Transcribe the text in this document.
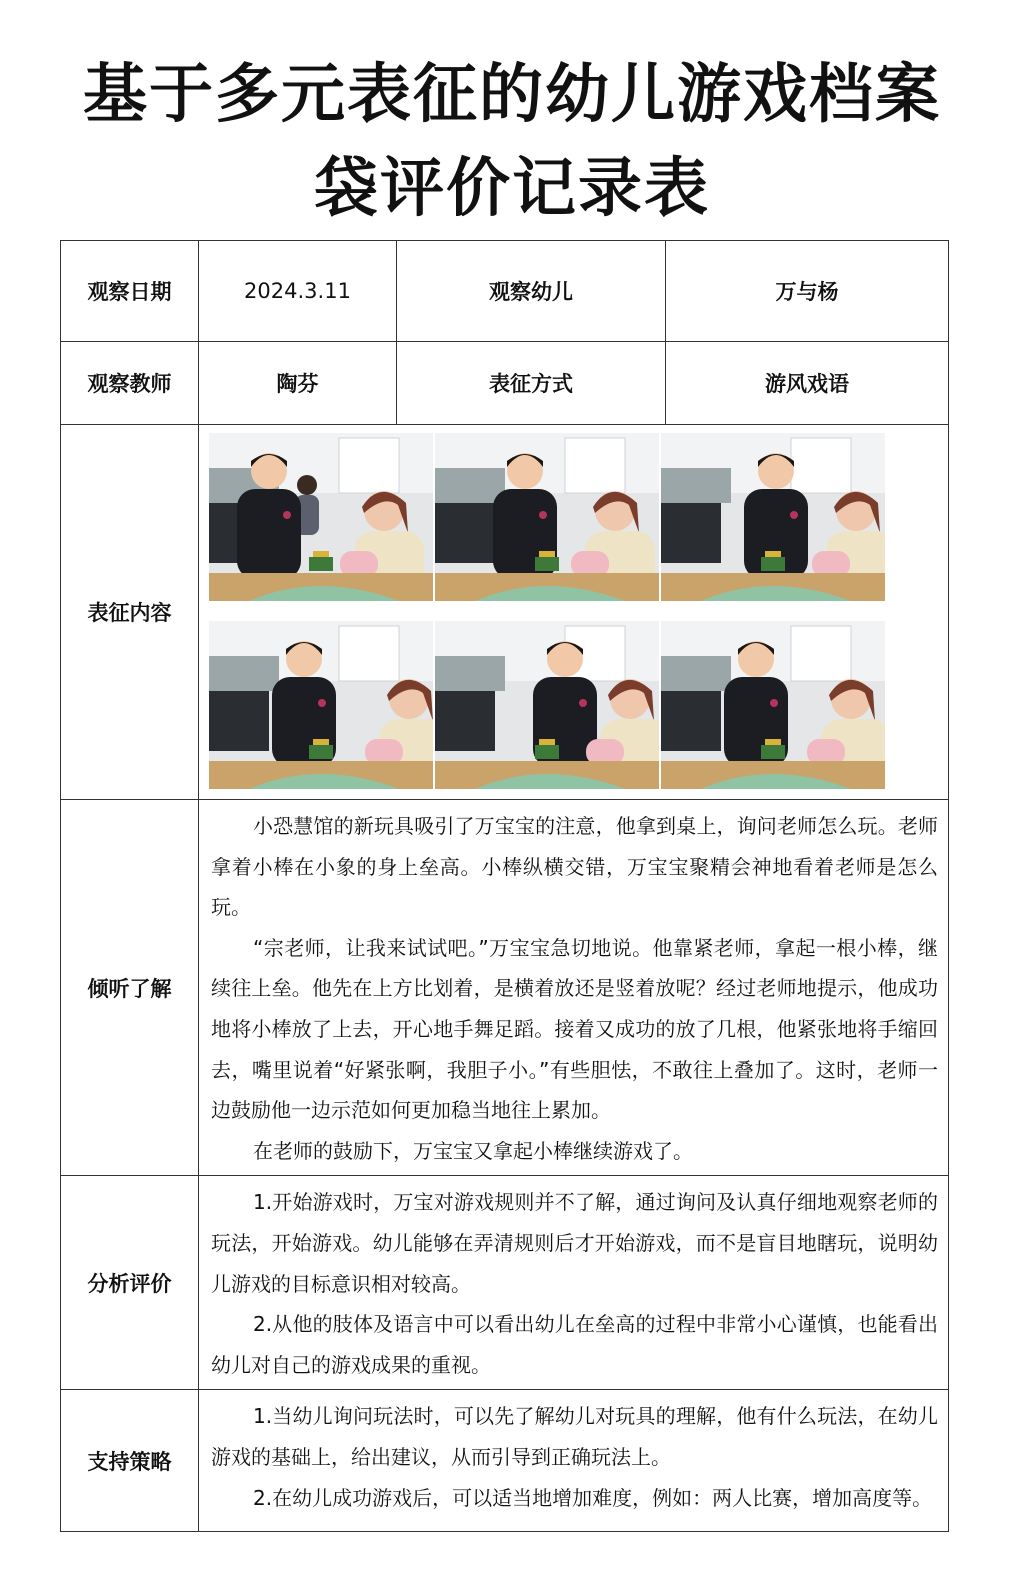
基于多元表征的幼儿游戏档案
袋评价记录表
观察日期	2024.3.11	观察幼儿	万与杨
观察教师	陶芬	表征方式	游风戏语
表征内容	

倾听了解	小恐慧馆的新玩具吸引了万宝宝的注意，他拿到桌上，询问老师怎么玩。老师拿着小棒在小象的身上垒高。小棒纵横交错，万宝宝聚精会神地看着老师是怎么玩。

“宗老师，让我来试试吧。”万宝宝急切地说。他靠紧老师，拿起一根小棒，继续往上垒。他先在上方比划着，是横着放还是竖着放呢？经过老师地提示，他成功地将小棒放了上去，开心地手舞足蹈。接着又成功的放了几根，他紧张地将手缩回去，嘴里说着“好紧张啊，我胆子小。”有些胆怯，不敢往上叠加了。这时，老师一边鼓励他一边示范如何更加稳当地往上累加。

在老师的鼓励下，万宝宝又拿起小棒继续游戏了。		

分析评价	1.开始游戏时，万宝对游戏规则并不了解，通过询问及认真仔细地观察老师的玩法，开始游戏。幼儿能够在弄清规则后才开始游戏，而不是盲目地瞎玩，说明幼儿游戏的目标意识相对较高。

2.从他的肢体及语言中可以看出幼儿在垒高的过程中非常小心谨慎，也能看出幼儿对自己的游戏成果的重视。		

支持策略	1.当幼儿询问玩法时，可以先了解幼儿对玩具的理解，他有什么玩法，在幼儿游戏的基础上，给出建议，从而引导到正确玩法上。

2.在幼儿成功游戏后，可以适当地增加难度，例如：两人比赛，增加高度等。		
